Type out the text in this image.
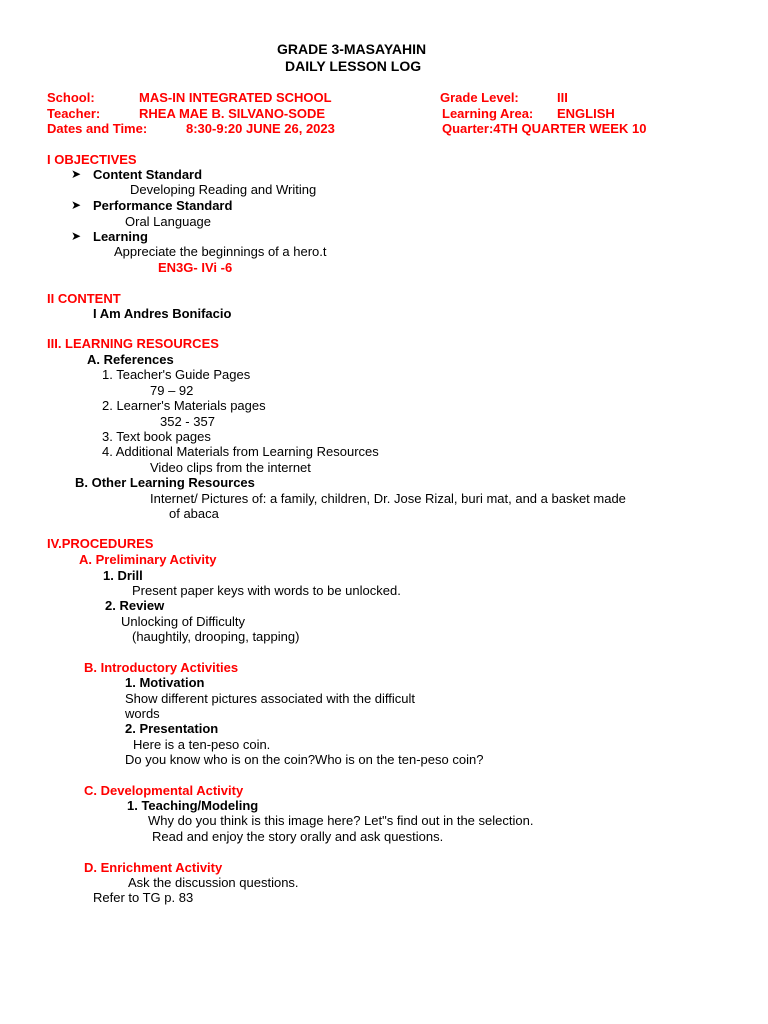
GRADE 3-MASAYAHIN
DAILY LESSON LOG
School:	MAS-IN INTEGRATED SCHOOL	Grade Level:	III
Teacher:	RHEA MAE B. SILVANO-SODE	Learning Area: ENGLISH
Dates and Time:	8:30-9:20 JUNE 26, 2023	Quarter:4TH QUARTER WEEK 10
I OBJECTIVES
➤ Content Standard
Developing Reading and Writing
➤ Performance Standard
Oral Language
➤ Learning
Appreciate the beginnings of a hero.t
EN3G- IVi -6
II CONTENT
I Am Andres Bonifacio
III. LEARNING RESOURCES
A. References
1. Teacher's Guide Pages
79 – 92
2. Learner's Materials pages
352 - 357
3. Text book pages
4. Additional Materials from Learning Resources
Video clips from the internet
B. Other Learning Resources
Internet/ Pictures of: a family, children, Dr. Jose Rizal, buri mat, and a basket made
of abaca
IV.PROCEDURES
A. Preliminary Activity
1. Drill
Present paper keys with words to be unlocked.
2. Review
Unlocking of Difficulty
(haughtily, drooping, tapping)
B. Introductory Activities
1. Motivation
Show different pictures associated with the difficult
words
2. Presentation
Here is a ten-peso coin.
Do you know who is on the coin?Who is on the ten-peso coin?
C. Developmental Activity
1. Teaching/Modeling
Why do you think is this image here? Let"s find out in the selection.
Read and enjoy the story orally and ask questions.
D. Enrichment Activity
Ask the discussion questions.
Refer to TG p. 83
